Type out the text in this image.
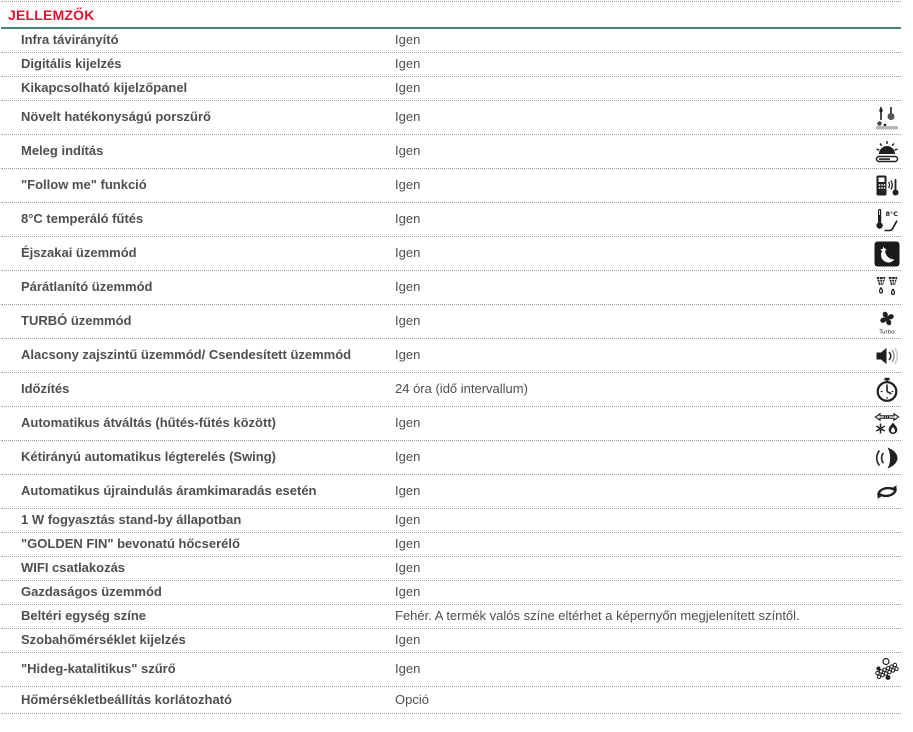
JELLEMZŐK
Infra távirányító	Igen
Digitális kijelzés	Igen
Kikapcsolható kijelzőpanel	Igen
Növelt hatékonyságú porszűrő	Igen
Meleg indítás	Igen
"Follow me" funkció	Igen
8°C temperáló fűtés	Igen	8°C
Éjszakai üzemmód	Igen
Párátlanító üzemmód	Igen
TURBÓ üzemmód	Igen
Turbo
Alacsony zajszintű üzemmód/ Csendesített üzemmód	Igen
Időzítés	24 óra (idő intervallum)
Automatikus átváltás (hűtés-fűtés között)	Igen
Kétirányú automatikus légterelés (Swing)	Igen
Automatikus újraindulás áramkimaradás esetén	Igen
1 W fogyasztás stand-by állapotban	Igen
"GOLDEN FIN" bevonatú hőcserélő	Igen
WIFI csatlakozás	Igen
Gazdaságos üzemmód	Igen
Beltéri egység színe	Fehér. A termék valós színe eltérhet a képernyőn megjelenített színtől.
Szobahőmérséklet kijelzés	Igen
"Hideg-katalitikus" szűrő	Igen
Hőmérsékletbeállítás korlátozható	Opció
